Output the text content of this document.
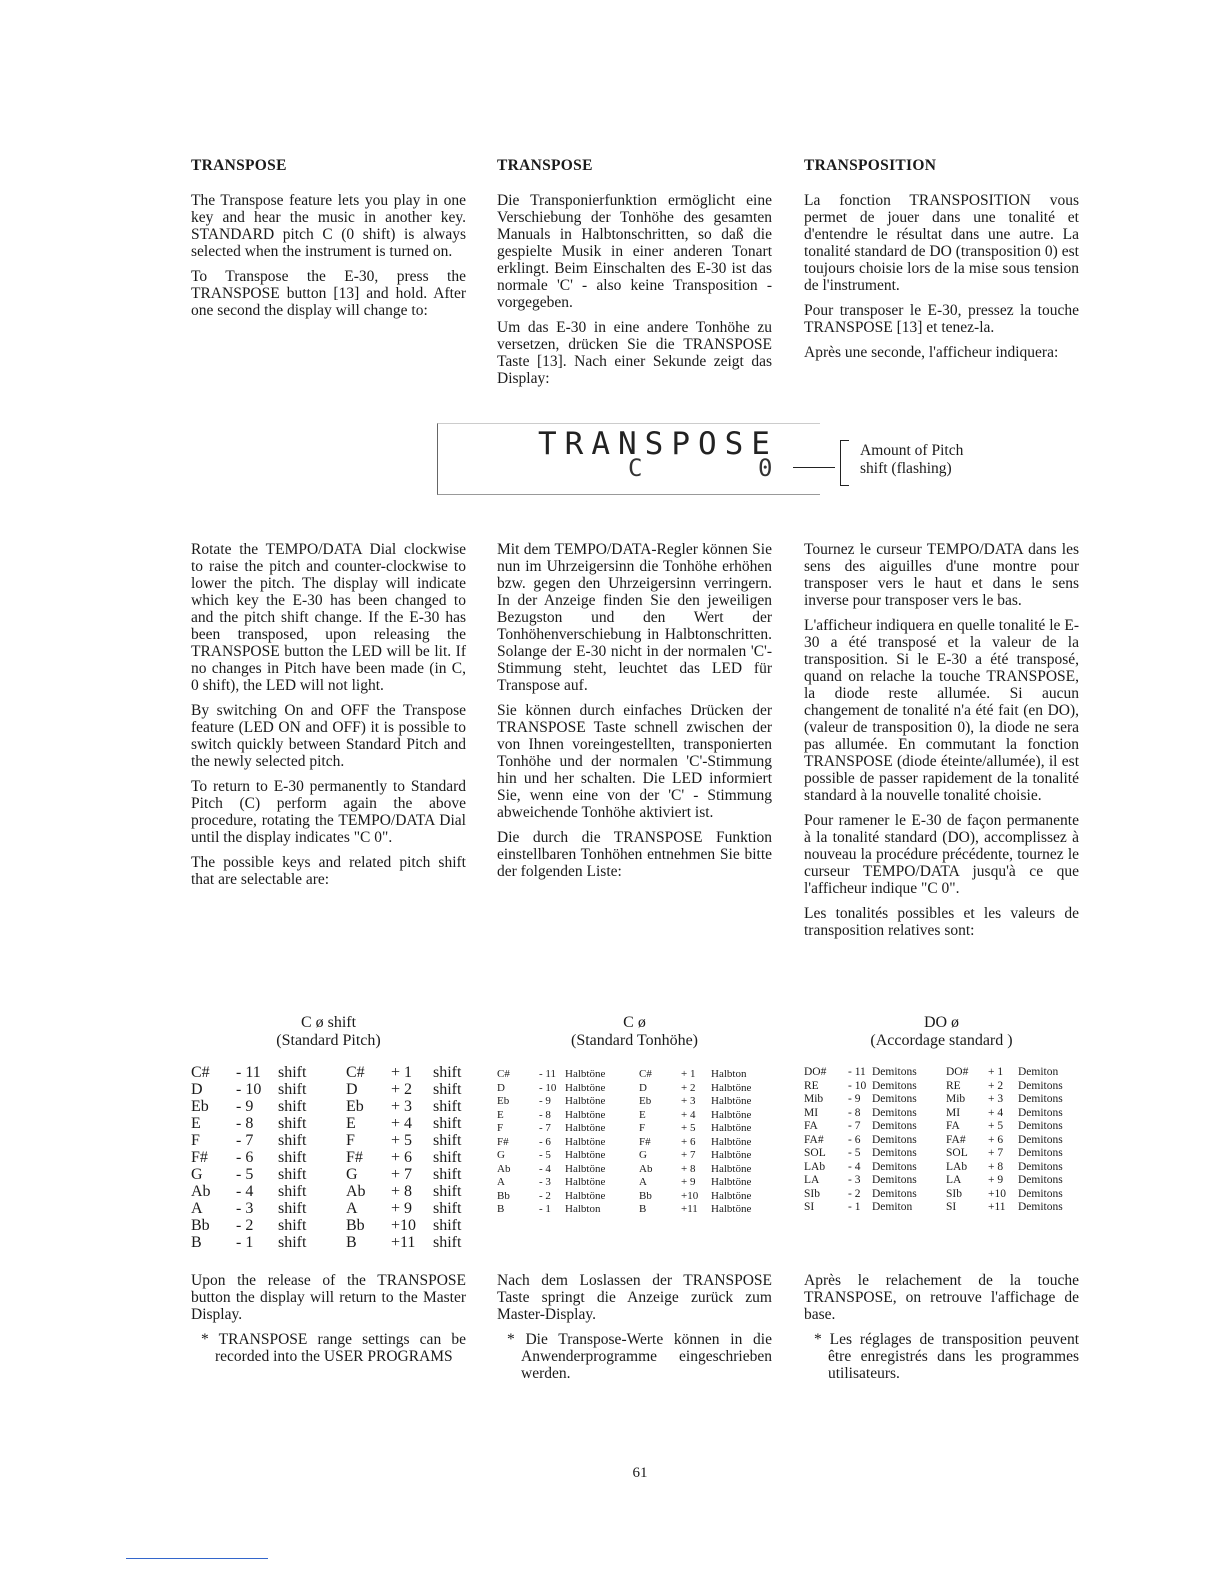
TRANSPOSE	TRANSPOSE	TRANSPOSITION

The Transpose feature lets you play in one key and hear the music in another key. STANDARD pitch C (0 shift) is always selected when the instrument is turned on.

To Transpose the E-30, press the TRANSPOSE button [13] and hold. After one second the display will change to:

Die Transponierfunktion ermöglicht eine Verschiebung der Tonhöhe des gesamten Manuals in Halbtonschritten, so daß die gespielte Musik in einer anderen Tonart erklingt. Beim Einschalten des E-30 ist das normale 'C' - also keine Transposition - vorgegeben.

Um das E-30 in eine andere Tonhöhe zu versetzen, drücken Sie die TRANSPOSE Taste [13]. Nach einer Sekunde zeigt das Display:

La fonction TRANSPOSITION vous permet de jouer dans une tonalité et d'entendre le résultat dans une autre. La tonalité standard de DO (transposition 0) est toujours choisie lors de la mise sous tension de l'instrument.

Pour transposer le E-30, pressez la touche TRANSPOSE [13] et tenez-la.

Après une seconde, l'afficheur indiquera:

TRANSPOSE
C	0
Amount of Pitch
shift (flashing)

Rotate the TEMPO/DATA Dial clockwise to raise the pitch and counter-clockwise to lower the pitch. The display will indicate which key the E-30 has been changed to and the pitch shift change. If the E-30 has been transposed, upon releasing the TRANSPOSE button the LED will be lit. If no changes in Pitch have been made (in C, 0 shift), the LED will not light.

By switching On and OFF the Transpose feature (LED ON and OFF) it is possible to switch quickly between Standard Pitch and the newly selected pitch.

To return to E-30 permanently to Standard Pitch (C) perform again the above procedure, rotating the TEMPO/DATA Dial until the display indicates "C 0".

The possible keys and related pitch shift that are selectable are:

Mit dem TEMPO/DATA-Regler können Sie nun im Uhrzeigersinn die Tonhöhe erhöhen bzw. gegen den Uhrzeigersinn verringern. In der Anzeige finden Sie den jeweiligen Bezugston und den Wert der Tonhöhenverschiebung in Halbtonschritten. Solange der E-30 nicht in der normalen 'C'-Stimmung steht, leuchtet das LED für Transpose auf.

Sie können durch einfaches Drücken der TRANSPOSE Taste schnell zwischen der von Ihnen voreingestellten, transponierten Tonhöhe und der normalen 'C'-Stimmung hin und her schalten. Die LED informiert Sie, wenn eine von der 'C' - Stimmung abweichende Tonhöhe aktiviert ist.

Die durch die TRANSPOSE Funktion einstellbaren Tonhöhen entnehmen Sie bitte der folgenden Liste:

Tournez le curseur TEMPO/DATA dans les sens des aiguilles d'une montre pour transposer vers le haut et dans le sens inverse pour transposer vers le bas.

L'afficheur indiquera en quelle tonalité le E-30 a été transposé et la valeur de la transposition. Si le E-30 a été transposé, quand on relache la touche TRANSPOSE, la diode reste allumée. Si aucun changement de tonalité n'a été fait (en DO), (valeur de transposition 0), la diode ne sera pas allumée. En commutant la fonction TRANSPOSE (diode éteinte/allumée), il est possible de passer rapidement de la tonalité standard à la nouvelle tonalité choisie.

Pour ramener le E-30 de façon permanente à la tonalité standard (DO), accomplissez à nouveau la procédure précédente, tournez le curseur TEMPO/DATA jusqu'à ce que l'afficheur indique "C 0".

Les tonalités possibles et les valeurs de transposition relatives sont:

C ø shift
(Standard Pitch)
C ø
(Standard Tonhöhe)
DO ø
(Accordage standard )
C#	- 11	shift	C#	+ 1	shift
D	- 10	shift	D	+ 2	shift
Eb	- 9	shift	Eb	+ 3	shift
E	- 8	shift	E	+ 4	shift
F	- 7	shift	F	+ 5	shift
F#	- 6	shift	F#	+ 6	shift
G	- 5	shift	G	+ 7	shift
Ab	- 4	shift	Ab	+ 8	shift
A	- 3	shift	A	+ 9	shift
Bb	- 2	shift	Bb	+10	shift
B	- 1	shift	B	+11	shift
C#	- 11	Halbtöne	C#	+ 1	Halbton
D	- 10	Halbtöne	D	+ 2	Halbtöne
Eb	- 9	Halbtöne	Eb	+ 3	Halbtöne
E	- 8	Halbtöne	E	+ 4	Halbtöne
F	- 7	Halbtöne	F	+ 5	Halbtöne
F#	- 6	Halbtöne	F#	+ 6	Halbtöne
G	- 5	Halbtöne	G	+ 7	Halbtöne
Ab	- 4	Halbtöne	Ab	+ 8	Halbtöne
A	- 3	Halbtöne	A	+ 9	Halbtöne
Bb	- 2	Halbtöne	Bb	+10	Halbtöne
B	- 1	Halbton	B	+11	Halbtöne
DO#	- 11	Demitons	DO#	+ 1	Demiton
RE	- 10	Demitons	RE	+ 2	Demitons
Mib	- 9	Demitons	Mib	+ 3	Demitons
MI	- 8	Demitons	MI	+ 4	Demitons
FA	- 7	Demitons	FA	+ 5	Demitons
FA#	- 6	Demitons	FA#	+ 6	Demitons
SOL	- 5	Demitons	SOL	+ 7	Demitons
LAb	- 4	Demitons	LAb	+ 8	Demitons
LA	- 3	Demitons	LA	+ 9	Demitons
SIb	- 2	Demitons	SIb	+10	Demitons
SI	- 1	Demiton	SI	+11	Demitons

Upon the release of the TRANSPOSE button the display will return to the Master Display.

* TRANSPOSE range settings can be recorded into the USER PROGRAMS

Nach dem Loslassen der TRANSPOSE Taste springt die Anzeige zurück zum Master-Display.

* Die Transpose-Werte können in die Anwenderprogramme eingeschrieben werden.

Après le relachement de la touche TRANSPOSE, on retrouve l'affichage de base.

* Les réglages de transposition peuvent être enregistrés dans les programmes utilisateurs.

61
